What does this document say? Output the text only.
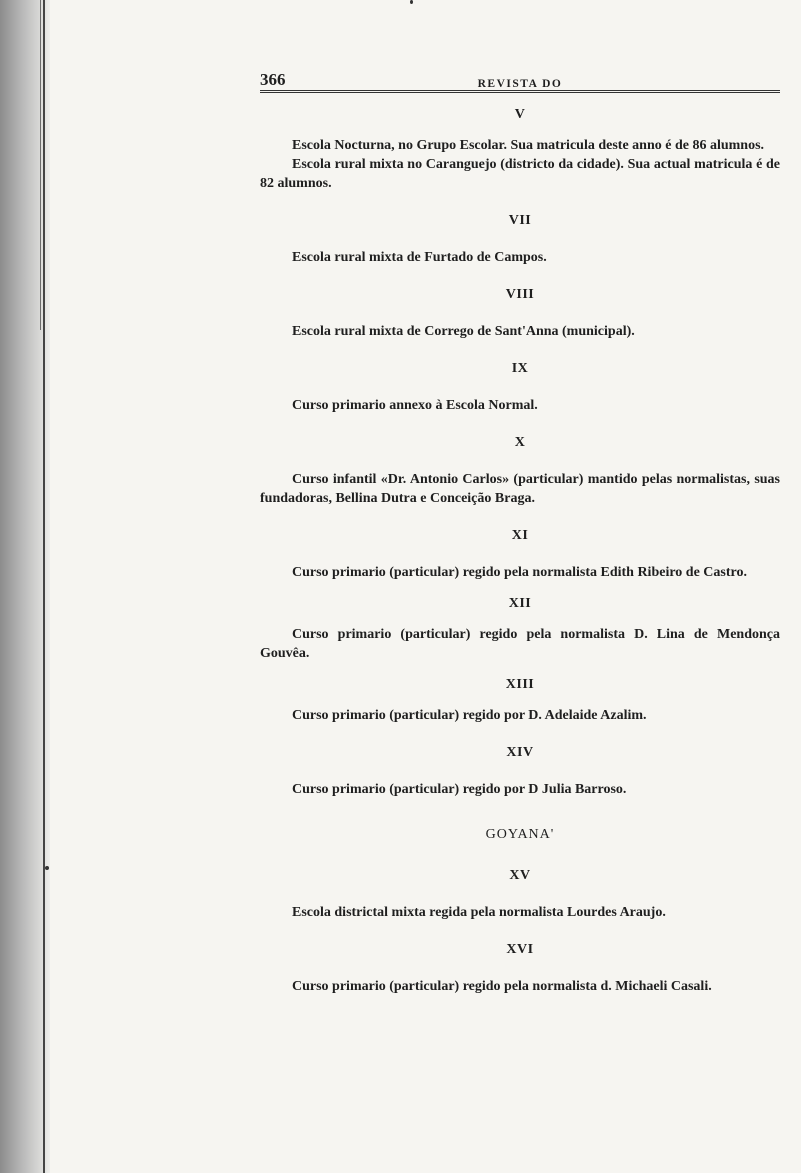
366	REVISTA DO
V

Escola Nocturna, no Grupo Escolar. Sua matricula deste anno é de 86 alumnos.

Escola rural mixta no Caranguejo (districto da cidade). Sua actual matricula é de 82 alumnos.

VII

Escola rural mixta de Furtado de Campos.

VIII

Escola rural mixta de Corrego de Sant'Anna (municipal).

IX

Curso primario annexo à Escola Normal.

X

Curso infantil «Dr. Antonio Carlos» (particular) mantido pelas normalistas, suas fundadoras, Bellina Dutra e Conceição Braga.

XI

Curso primario (particular) regido pela normalista Edith Ribeiro de Castro.

XII

Curso primario (particular) regido pela normalista D. Lina de Mendonça Gouvêa.

XIII

Curso primario (particular) regido por D. Adelaide Azalim.

XIV

Curso primario (particular) regido por D Julia Barroso.

GOYANA'
XV

Escola districtal mixta regida pela normalista Lourdes Araujo.

XVI

Curso primario (particular) regido pela normalista d. Michaeli Casali.
